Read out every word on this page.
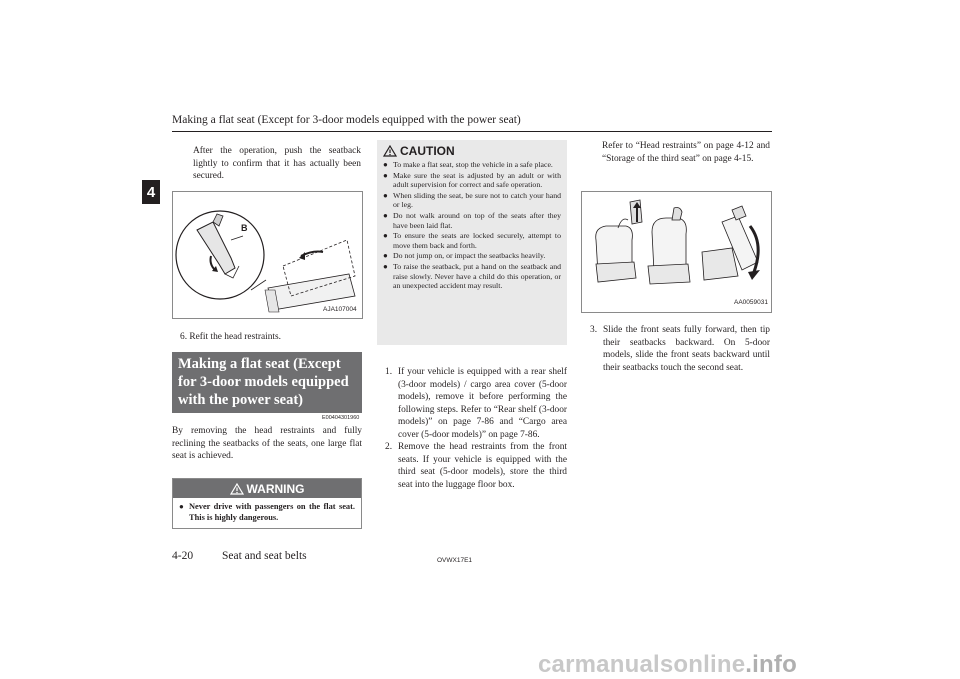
Making a flat seat (Except for 3-door models equipped with the power seat)
4
After the operation, push the seatback lightly to confirm that it has actually been secured.
B
AJA107004
6. Refit the head restraints.
Making a flat seat (Except for 3-door models equipped with the power seat)
E00404301960
By removing the head restraints and fully reclining the seatbacks of the seats, one large flat seat is achieved.
WARNING
● Never drive with passengers on the flat seat. This is highly dangerous.
CAUTION
● To make a flat seat, stop the vehicle in a safe place.
● Make sure the seat is adjusted by an adult or with adult supervision for correct and safe operation.
● When sliding the seat, be sure not to catch your hand or leg.
● Do not walk around on top of the seats after they have been laid flat.
● To ensure the seats are locked securely, attempt to move them back and forth.
● Do not jump on, or impact the seatbacks heavily.
● To raise the seatback, put a hand on the seatback and raise slowly. Never have a child do this operation, or an unexpected accident may result.
1. If your vehicle is equipped with a rear shelf (3-door models) / cargo area cover (5-door models), remove it before performing the following steps. Refer to “Rear shelf (3-door models)” on page 7-86 and “Cargo area cover (5-door models)” on page 7-86.
2. Remove the head restraints from the front seats. If your vehicle is equipped with the third seat (5-door models), store the third seat into the luggage floor box.
Refer to “Head restraints” on page 4-12 and “Storage of the third seat” on page 4-15.
AA0059031
3. Slide the front seats fully forward, then tip their seatbacks backward. On 5-door models, slide the front seats backward until their seatbacks touch the second seat.
4-20	Seat and seat belts	OVWX17E1
carmanualsonline.info
